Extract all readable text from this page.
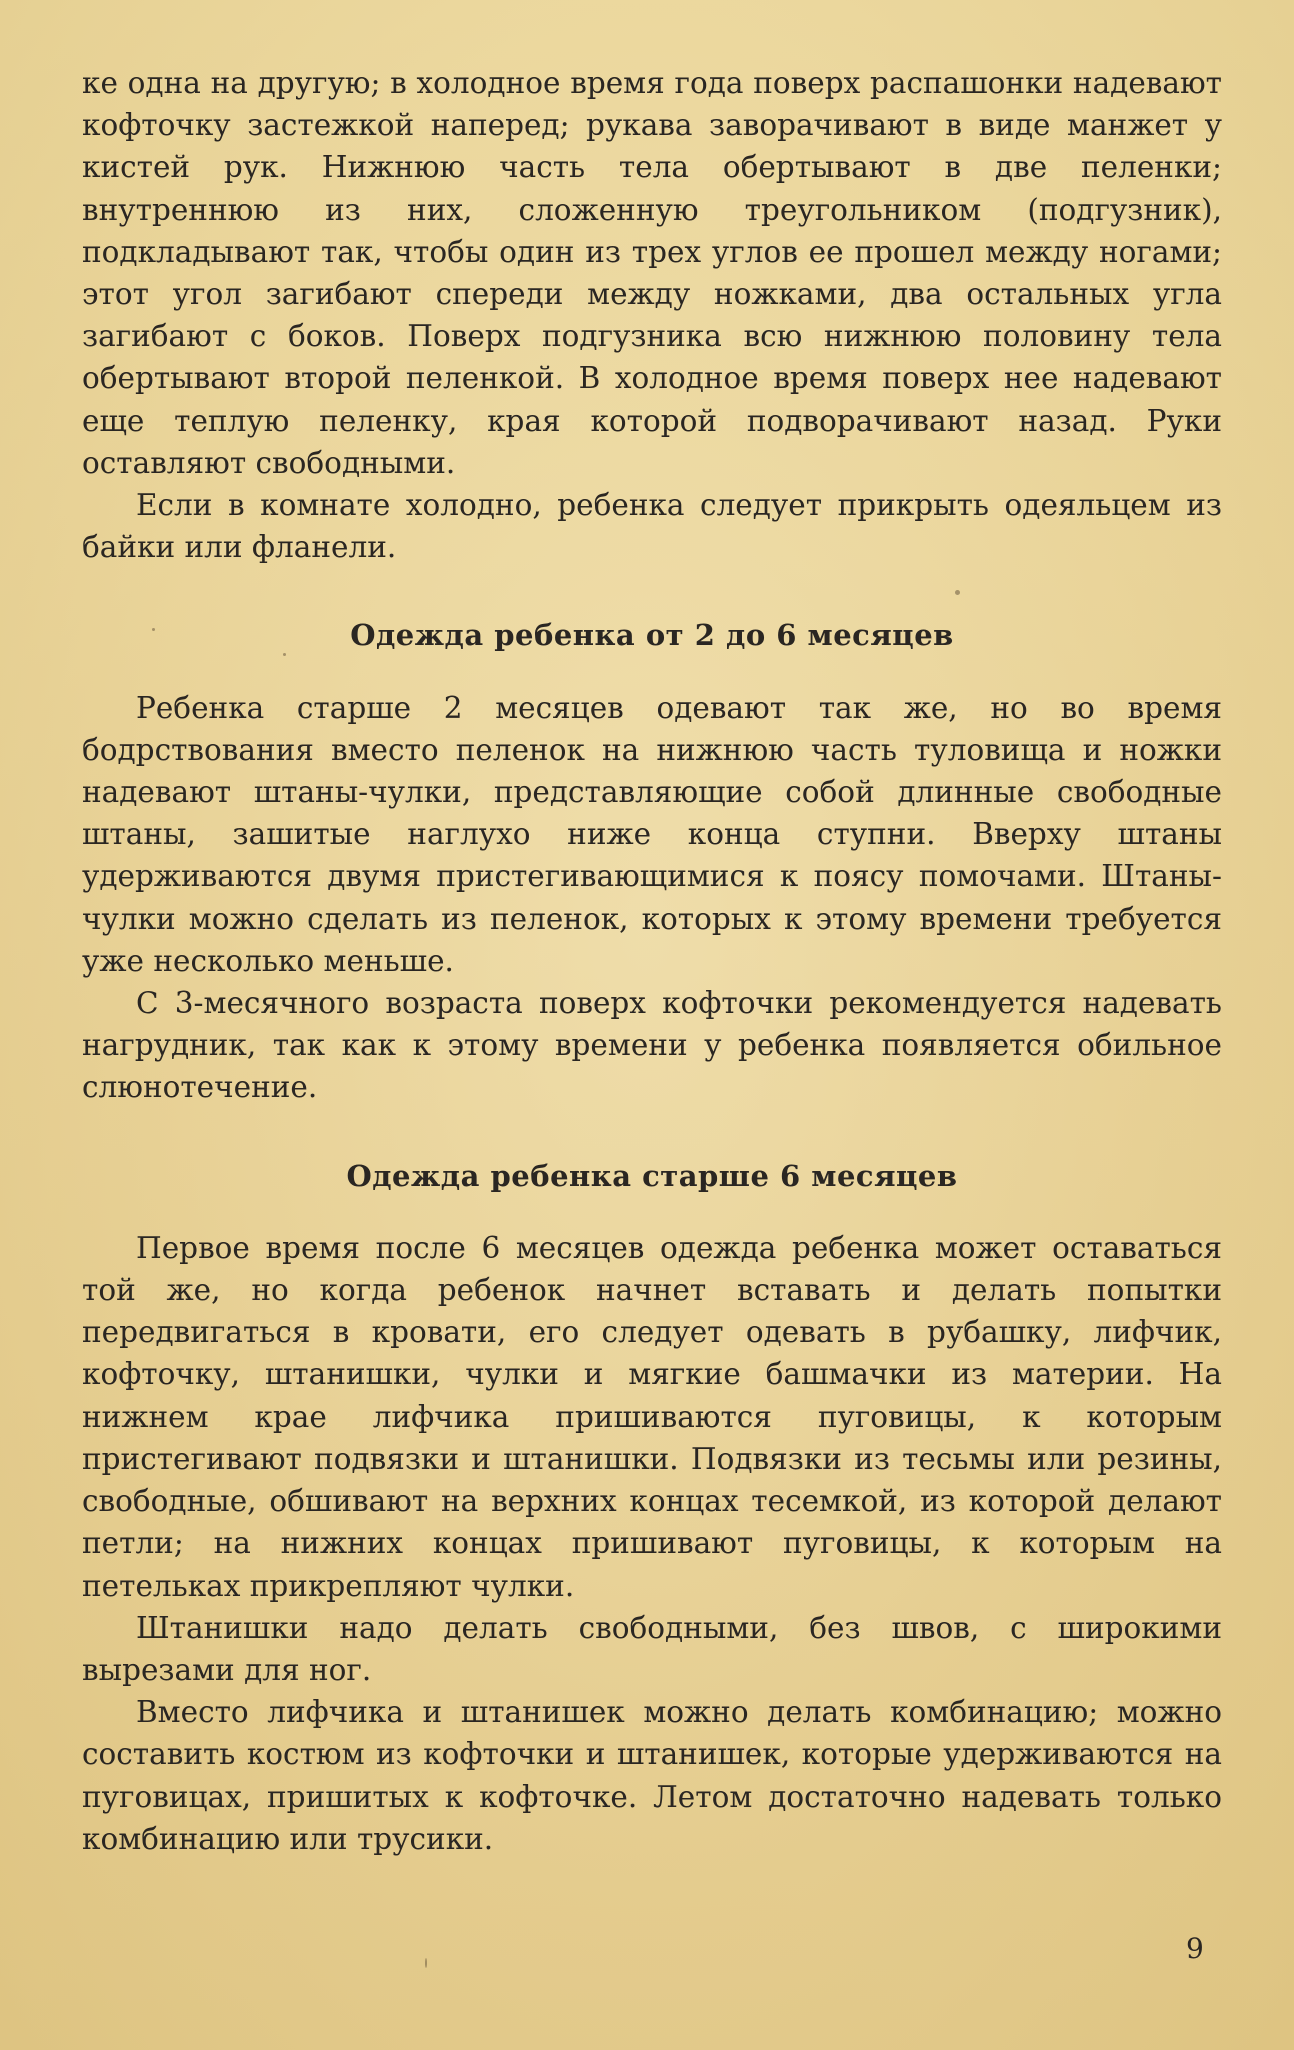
ке одна на другую; в холодное время года поверх распашонки надевают кофточку застежкой наперед; рукава заворачивают в виде манжет у кистей рук. Нижнюю часть тела обертывают в две пеленки; внутреннюю из них, сложенную треугольником (подгузник), подкладывают так, чтобы один из трех углов ее прошел между ногами; этот угол загибают спереди между ножками, два остальных угла загибают с боков. Поверх подгузника всю нижнюю половину тела обертывают второй пеленкой. В холодное время поверх нее надевают еще теплую пеленку, края которой подворачивают назад. Руки оставляют свободными.

Если в комнате холодно, ребенка следует прикрыть одеяльцем из байки или фланели.

Одежда ребенка от 2 до 6 месяцев

Ребенка старше 2 месяцев одевают так же, но во время бодрствования вместо пеленок на нижнюю часть туловища и ножки надевают штаны-чулки, представляющие собой длинные свободные штаны, зашитые наглухо ниже конца ступни. Вверху штаны удерживаются двумя пристегивающимися к поясу помочами. Штаны-чулки можно сделать из пеленок, которых к этому времени требуется уже несколько меньше.

С 3-месячного возраста поверх кофточки рекомендуется надевать нагрудник, так как к этому времени у ребенка появляется обильное слюнотечение.

Одежда ребенка старше 6 месяцев

Первое время после 6 месяцев одежда ребенка может оставаться той же, но когда ребенок начнет вставать и делать попытки передвигаться в кровати, его следует одевать в рубашку, лифчик, кофточку, штанишки, чулки и мягкие башмачки из материи. На нижнем крае лифчика пришиваются пуговицы, к которым пристегивают подвязки и штанишки. Подвязки из тесьмы или резины, свободные, обшивают на верхних концах тесемкой, из которой делают петли; на нижних концах пришивают пуговицы, к которым на петельках прикрепляют чулки.

Штанишки надо делать свободными, без швов, с широкими вырезами для ног.

Вместо лифчика и штанишек можно делать комбинацию; можно составить костюм из кофточки и штанишек, которые удерживаются на пуговицах, пришитых к кофточке. Летом достаточно надевать только комбинацию или трусики.

9
